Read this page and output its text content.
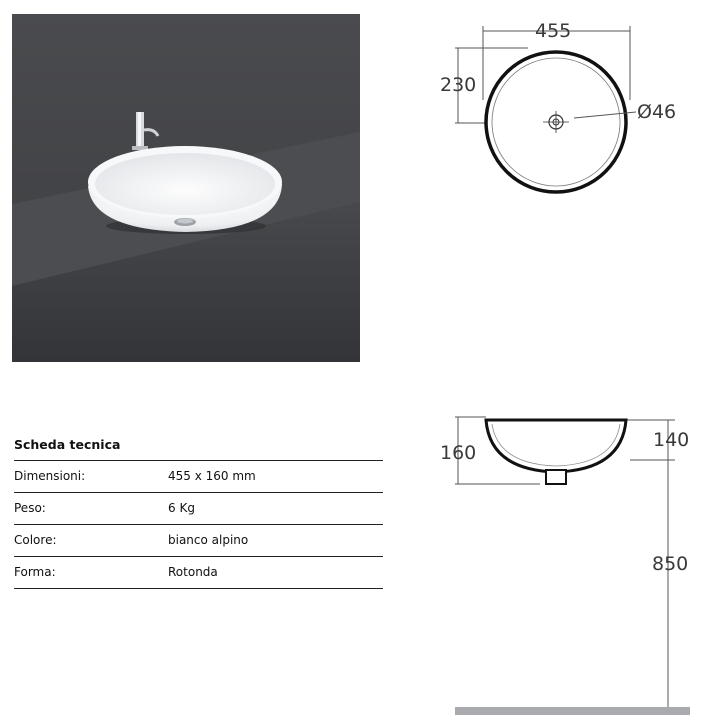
455
230
Ø46
160
140
850
Scheda tecnica
Dimensioni:	455 x 160 mm
Peso:	6 Kg
Colore:	bianco alpino
Forma:	Rotonda
